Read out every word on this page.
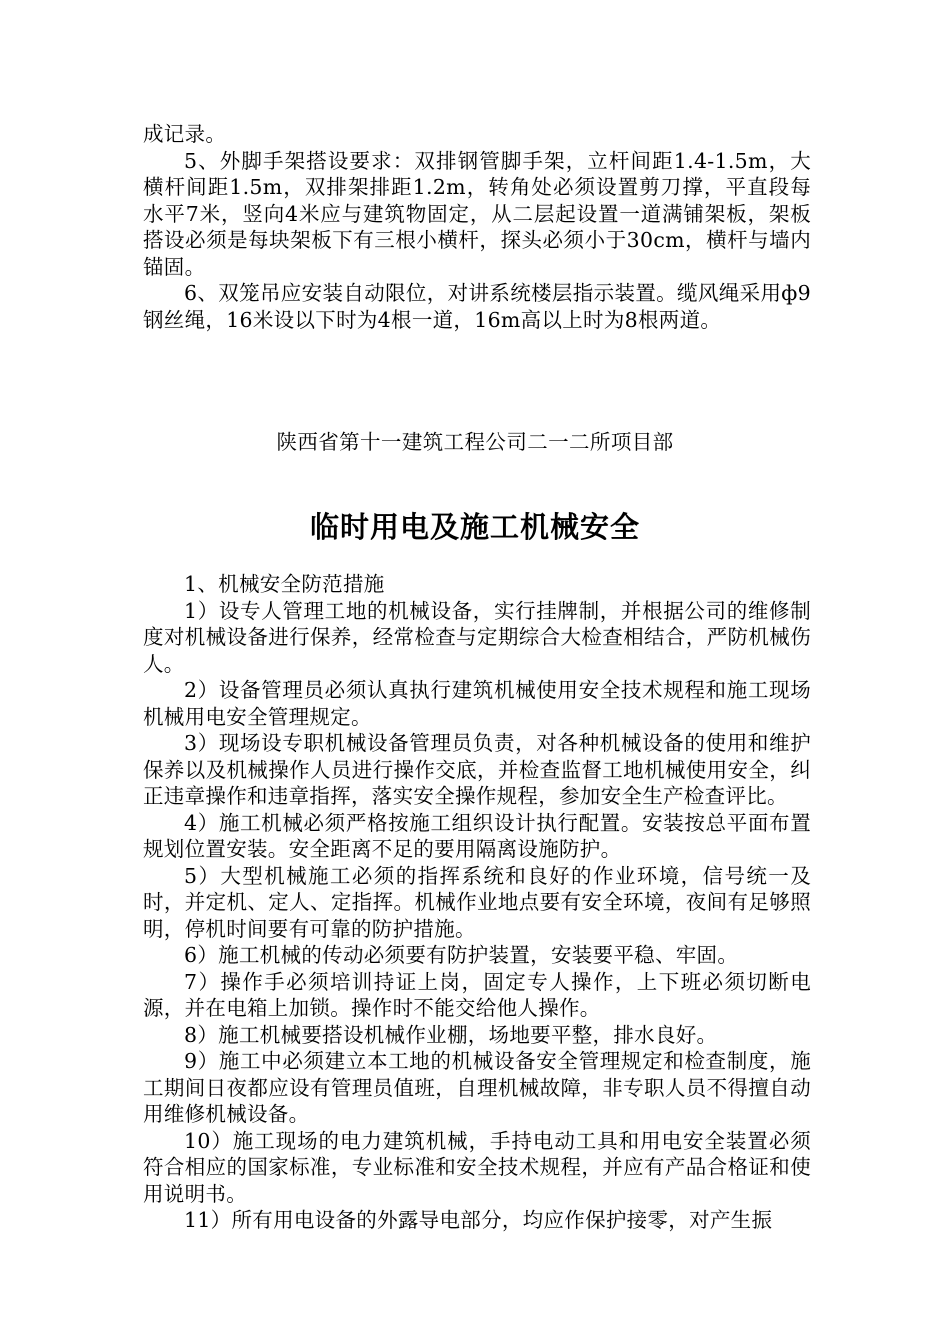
成记录。

5、外脚手架搭设要求：双排钢管脚手架，立杆间距1.4-1.5m，大横杆间距1.5m，双排架排距1.2m，转角处必须设置剪刀撑，平直段每水平7米，竖向4米应与建筑物固定，从二层起设置一道满铺架板，架板搭设必须是每块架板下有三根小横杆，探头必须小于30cm，横杆与墙内锚固。

6、双笼吊应安装自动限位，对讲系统楼层指示装置。缆风绳采用ф9钢丝绳，16米设以下时为4根一道，16m高以上时为8根两道。

陕西省第十一建筑工程公司二一二所项目部
临时用电及施工机械安全

1、机械安全防范措施

1）设专人管理工地的机械设备，实行挂牌制，并根据公司的维修制度对机械设备进行保养，经常检查与定期综合大检查相结合，严防机械伤人。

2）设备管理员必须认真执行建筑机械使用安全技术规程和施工现场机械用电安全管理规定。

3）现场设专职机械设备管理员负责，对各种机械设备的使用和维护保养以及机械操作人员进行操作交底，并检查监督工地机械使用安全，纠正违章操作和违章指挥，落实安全操作规程，参加安全生产检查评比。

4）施工机械必须严格按施工组织设计执行配置。安装按总平面布置规划位置安装。安全距离不足的要用隔离设施防护。

5）大型机械施工必须的指挥系统和良好的作业环境，信号统一及时，并定机、定人、定指挥。机械作业地点要有安全环境，夜间有足够照明，停机时间要有可靠的防护措施。

6）施工机械的传动必须要有防护装置，安装要平稳、牢固。

7）操作手必须培训持证上岗，固定专人操作，上下班必须切断电源，并在电箱上加锁。操作时不能交给他人操作。

8）施工机械要搭设机械作业棚，场地要平整，排水良好。

9）施工中必须建立本工地的机械设备安全管理规定和检查制度，施工期间日夜都应设有管理员值班，自理机械故障，非专职人员不得擅自动用维修机械设备。

10）施工现场的电力建筑机械，手持电动工具和用电安全装置必须符合相应的国家标准，专业标准和安全技术规程，并应有产品合格证和使用说明书。

11）所有用电设备的外露导电部分，均应作保护接零，对产生振
